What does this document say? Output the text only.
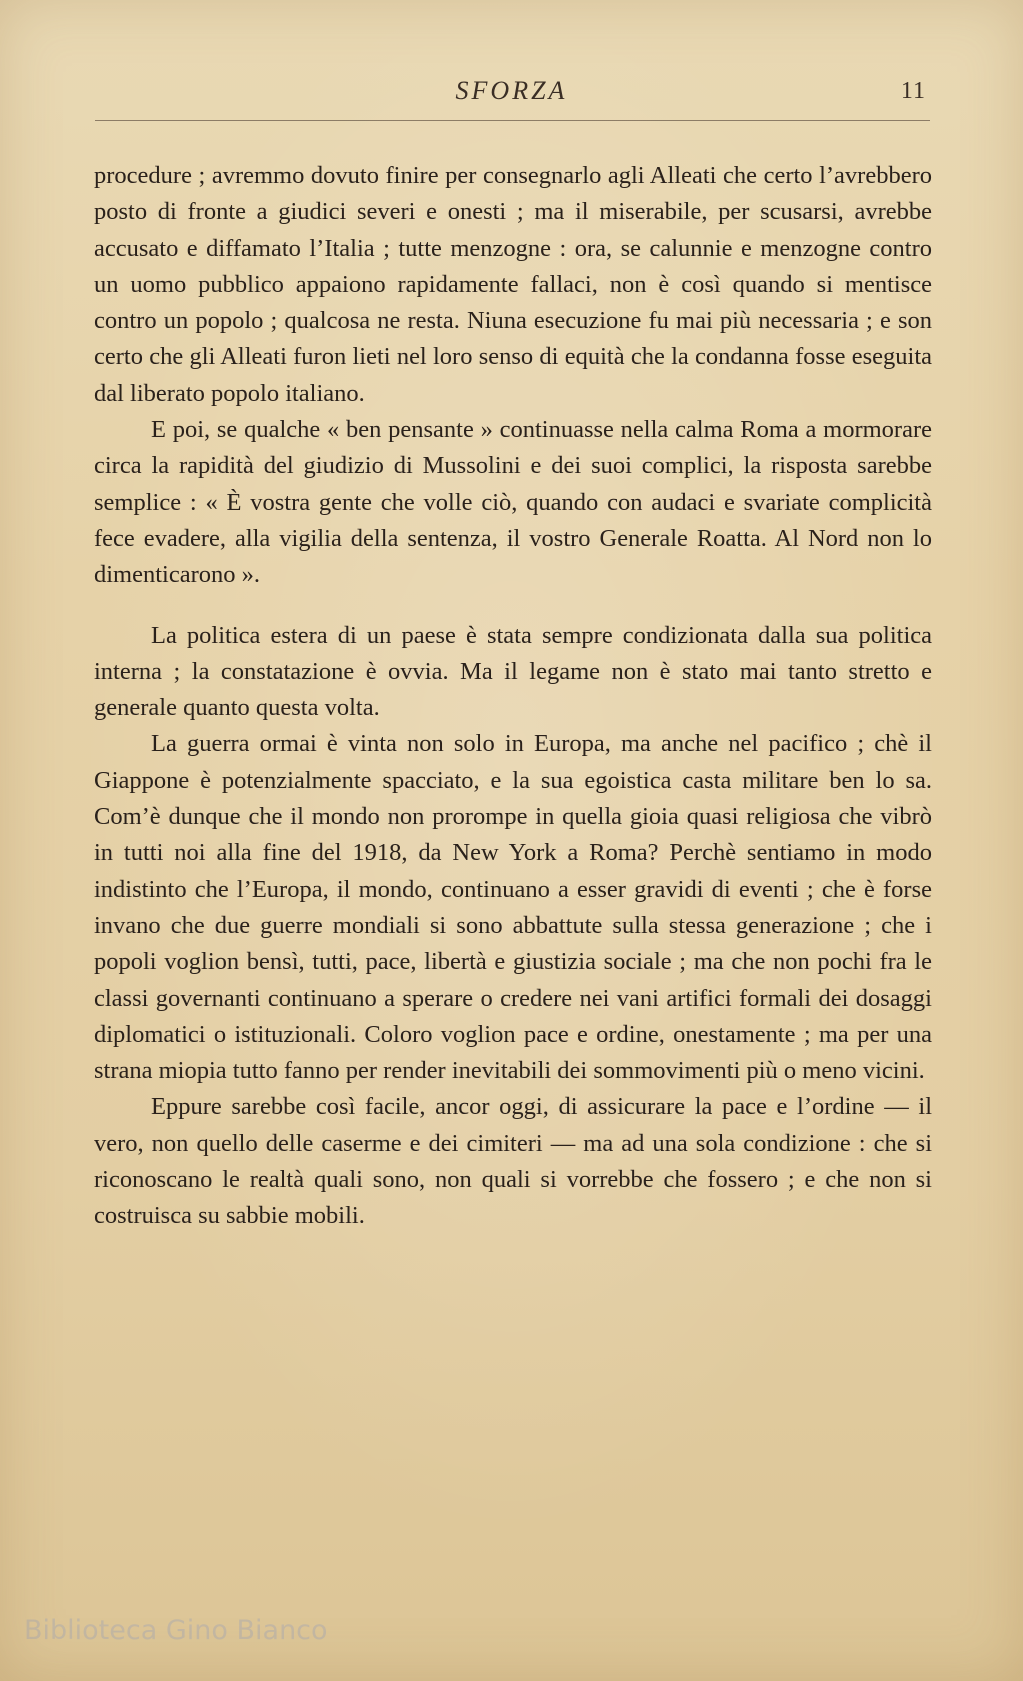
SFORZA	11

procedure ; avremmo dovuto finire per consegnarlo agli Alleati che certo l’avrebbero posto di fronte a giudici severi e onesti ; ma il miserabile, per scusarsi, avrebbe accusato e diffamato l’Italia ; tutte menzogne : ora, se calunnie e menzogne contro un uomo pubblico appaiono rapidamente fallaci, non è così quando si mentisce contro un popolo ; qualcosa ne resta. Niuna esecuzione fu mai più necessaria ; e son certo che gli Alleati furon lieti nel loro senso di equità che la condanna fosse eseguita dal liberato popolo italiano.

E poi, se qualche « ben pensante » continuasse nella calma Roma a mormorare circa la rapidità del giudizio di Mussolini e dei suoi complici, la risposta sarebbe semplice : « È vostra gente che volle ciò, quando con audaci e svariate complicità fece evadere, alla vigilia della sentenza, il vostro Generale Roatta. Al Nord non lo dimenticarono ».

La politica estera di un paese è stata sempre condizionata dalla sua politica interna ; la constatazione è ovvia. Ma il legame non è stato mai tanto stretto e generale quanto questa volta.

La guerra ormai è vinta non solo in Europa, ma anche nel pacifico ; chè il Giappone è potenzialmente spacciato, e la sua egoistica casta militare ben lo sa. Com’è dunque che il mondo non prorompe in quella gioia quasi religiosa che vibrò in tutti noi alla fine del 1918, da New York a Roma? Perchè sentiamo in modo indistinto che l’Europa, il mondo, continuano a esser gravidi di eventi ; che è forse invano che due guerre mondiali si sono abbattute sulla stessa generazione ; che i popoli voglion bensì, tutti, pace, libertà e giustizia sociale ; ma che non pochi fra le classi governanti continuano a sperare o credere nei vani artifici formali dei dosaggi diplomatici o istituzionali. Coloro voglion pace e ordine, onestamente ; ma per una strana miopia tutto fanno per render inevitabili dei sommovimenti più o meno vicini.

Eppure sarebbe così facile, ancor oggi, di assicurare la pace e l’ordine — il vero, non quello delle caserme e dei cimiteri — ma ad una sola condizione : che si riconoscano le realtà quali sono, non quali si vorrebbe che fossero ; e che non si costruisca su sabbie mobili.

Biblioteca Gino Bianco
